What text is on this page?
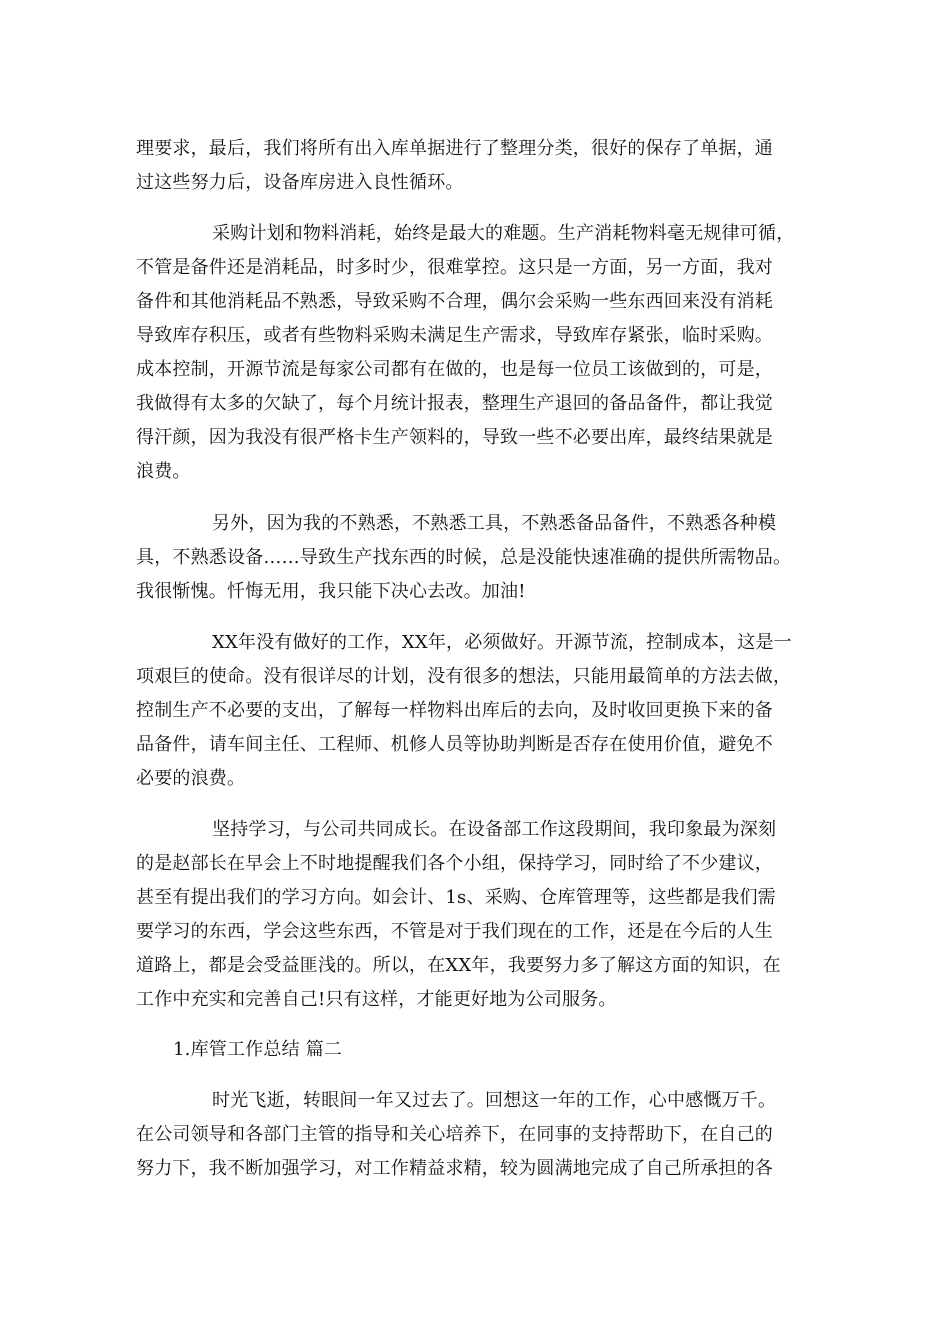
理要求，最后，我们将所有出入库单据进行了整理分类，很好的保存了单据，通
过这些努力后，设备库房进入良性循环。
采购计划和物料消耗，始终是最大的难题。生产消耗物料毫无规律可循，
不管是备件还是消耗品，时多时少，很难掌控。这只是一方面，另一方面，我对
备件和其他消耗品不熟悉，导致采购不合理，偶尔会采购一些东西回来没有消耗
导致库存积压，或者有些物料采购未满足生产需求，导致库存紧张，临时采购。
成本控制，开源节流是每家公司都有在做的，也是每一位员工该做到的，可是，
我做得有太多的欠缺了，每个月统计报表，整理生产退回的备品备件，都让我觉
得汗颜，因为我没有很严格卡生产领料的，导致一些不必要出库，最终结果就是
浪费。
另外，因为我的不熟悉，不熟悉工具，不熟悉备品备件，不熟悉各种模
具，不熟悉设备……导致生产找东西的时候，总是没能快速准确的提供所需物品。
我很惭愧。忏悔无用，我只能下决心去改。加油!
XX年没有做好的工作，XX年，必须做好。开源节流，控制成本，这是一
项艰巨的使命。没有很详尽的计划，没有很多的想法，只能用最简单的方法去做，
控制生产不必要的支出，了解每一样物料出库后的去向，及时收回更换下来的备
品备件，请车间主任、工程师、机修人员等协助判断是否存在使用价值，避免不
必要的浪费。
坚持学习，与公司共同成长。在设备部工作这段期间，我印象最为深刻
的是赵部长在早会上不时地提醒我们各个小组，保持学习，同时给了不少建议，
甚至有提出我们的学习方向。如会计、1s、采购、仓库管理等，这些都是我们需
要学习的东西，学会这些东西，不管是对于我们现在的工作，还是在今后的人生
道路上，都是会受益匪浅的。所以，在XX年，我要努力多了解这方面的知识，在
工作中充实和完善自己!只有这样，才能更好地为公司服务。
1.库管工作总结 篇二
时光飞逝，转眼间一年又过去了。回想这一年的工作，心中感慨万千。
在公司领导和各部门主管的指导和关心培养下，在同事的支持帮助下，在自己的
努力下，我不断加强学习，对工作精益求精，较为圆满地完成了自己所承担的各
